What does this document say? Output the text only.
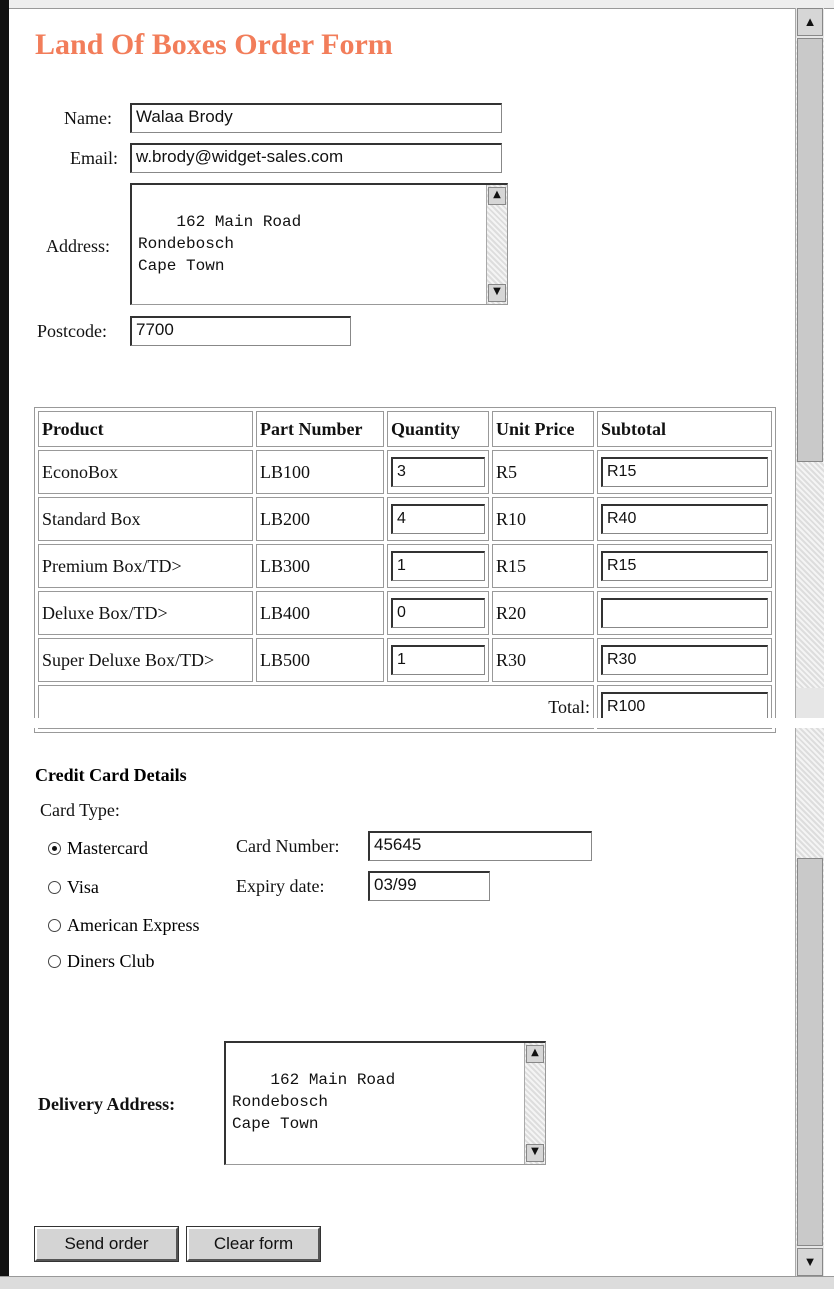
Land Of Boxes Order Form
Name:	Walaa Brody
Email:	w.brody@widget-sales.com
Address:

162 Main Road
Rondebosch
Cape Town

▲

▼

Postcode:	7700
Product	Part Number	Quantity	Unit Price	Subtotal
EconoBox	LB100	3	R5	R15

Standard Box	LB200	4	R10	R40

Premium Box/TD>	LB300	1	R15	R15

Deluxe Box/TD>	LB400	0	R20	

Super Deluxe Box/TD>	LB500	1	R30	R30

Total:				R100
Credit Card Details
Card Type:
Mastercard
Visa
American Express
Diners Club
Card Number:	45645
Expiry date:	03/99
Delivery Address:

162 Main Road
Rondebosch
Cape Town

▲

▼

Send order	Clear form
▲
▼
